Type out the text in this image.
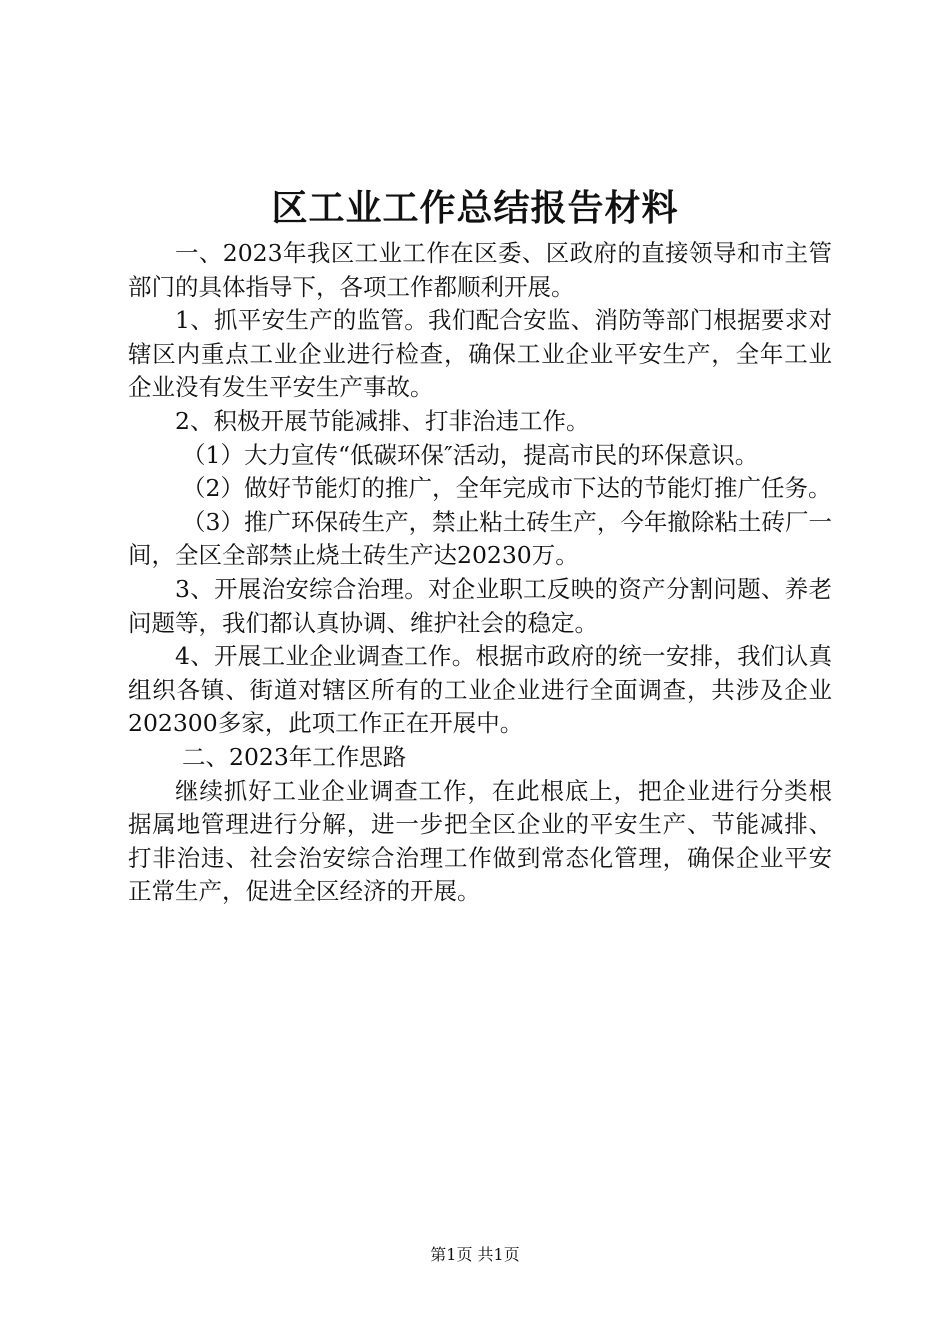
区工业工作总结报告材料

一、2023年我区工业工作在区委、区政府的直接领导和市主管部门的具体指导下，各项工作都顺利开展。

1、抓平安生产的监管。我们配合安监、消防等部门根据要求对辖区内重点工业企业进行检查，确保工业企业平安生产，全年工业企业没有发生平安生产事故。

2、积极开展节能减排、打非治违工作。

（1）大力宣传“低碳环保″活动，提高市民的环保意识。

（2）做好节能灯的推广，全年完成市下达的节能灯推广任务。

（3）推广环保砖生产，禁止粘土砖生产，今年撤除粘土砖厂一间，全区全部禁止烧土砖生产达20230万。

3、开展治安综合治理。对企业职工反映的资产分割问题、养老问题等，我们都认真协调、维护社会的稳定。

4、开展工业企业调查工作。根据市政府的统一安排，我们认真组织各镇、街道对辖区所有的工业企业进行全面调查，共涉及企业202300多家，此项工作正在开展中。

二、2023年工作思路

继续抓好工业企业调查工作，在此根底上，把企业进行分类根据属地管理进行分解，进一步把全区企业的平安生产、节能减排、打非治违、社会治安综合治理工作做到常态化管理，确保企业平安正常生产，促进全区经济的开展。

第1页 共1页
